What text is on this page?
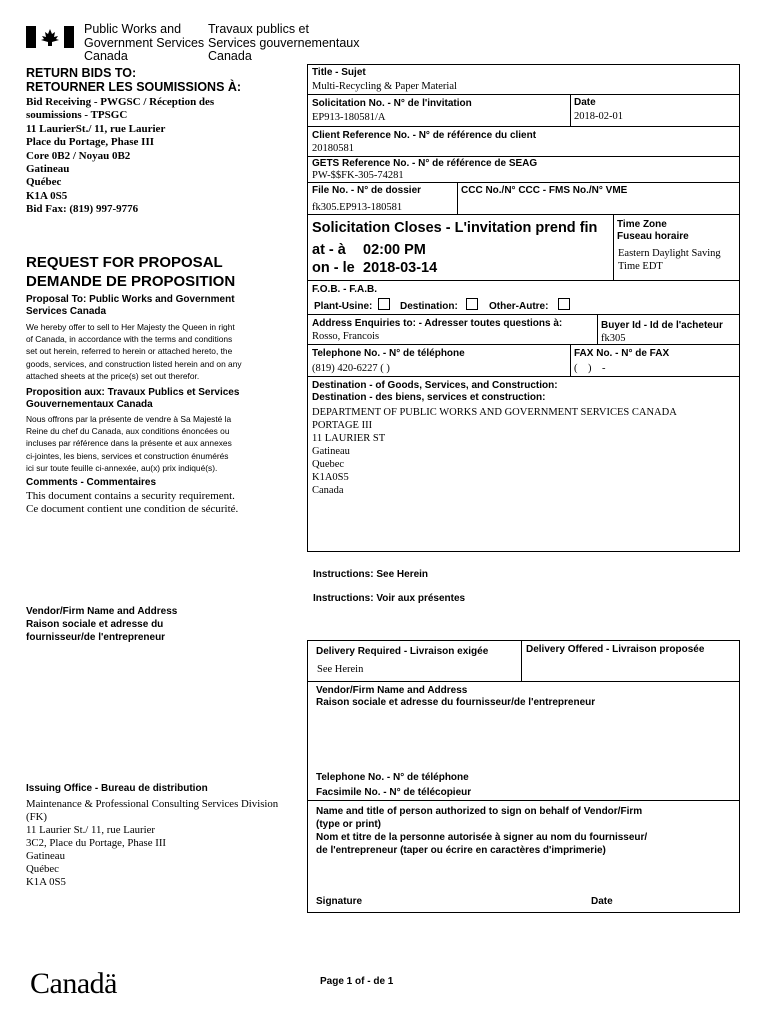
Public Works and
Government Services
Canada
Travaux publics et
Services gouvernementaux
Canada
RETURN BIDS TO:
RETOURNER LES SOUMISSIONS À:
Bid Receiving - PWGSC / Réception des
soumissions - TPSGC
11 LaurierSt./ 11, rue Laurier
Place du Portage, Phase III
Core 0B2 / Noyau 0B2
Gatineau
Québec
K1A 0S5
Bid Fax: (819) 997-9776
REQUEST FOR PROPOSAL
DEMANDE DE PROPOSITION
Proposal To: Public Works and Government
Services Canada
We hereby offer to sell to Her Majesty the Queen in right
of Canada, in accordance with the terms and conditions
set out herein, referred to herein or attached hereto, the
goods, services, and construction listed herein and on any
attached sheets at the price(s) set out therefor.
Proposition aux: Travaux Publics et Services
Gouvernementaux Canada
Nous offrons par la présente de vendre à Sa Majesté la
Reine du chef du Canada, aux conditions énoncées ou
incluses par référence dans la présente et aux annexes
ci-jointes, les biens, services et construction énumérés
ici sur toute feuille ci-annexée, au(x) prix indiqué(s).
Comments - Commentaires
This document contains a security requirement.
Ce document contient une condition de sécurité.
Vendor/Firm Name and Address
Raison sociale et adresse du
fournisseur/de l'entrepreneur
Issuing Office - Bureau de distribution
Maintenance & Professional Consulting Services Division
(FK)
11 Laurier St./ 11, rue Laurier
3C2, Place du Portage, Phase III
Gatineau
Québec
K1A 0S5
Title - Sujet
Multi-Recycling & Paper Material
Solicitation No. - N° de l'invitation
EP913-180581/A
Date
2018-02-01
Client Reference No. - N° de référence du client
20180581
GETS Reference No. - N° de référence de SEAG
PW-$$FK-305-74281
File No. - N° de dossier
fk305.EP913-180581
CCC No./N° CCC - FMS No./N° VME
Solicitation Closes - L'invitation prend fin
at - à 02:00 PM
on - le 2018-03-14
Time Zone
Fuseau horaire
Eastern Daylight Saving
Time EDT
F.O.B. - F.A.B.
Plant-Usine:	Destination:	Other-Autre:
Address Enquiries to: - Adresser toutes questions à:
Rosso, Francois
Buyer Id - Id de l'acheteur
fk305
Telephone No. - N° de téléphone
(819) 420-6227 ( )
FAX No. - N° de FAX
(    )    -
Destination - of Goods, Services, and Construction:
Destination - des biens, services et construction:
DEPARTMENT OF PUBLIC WORKS AND GOVERNMENT SERVICES CANADA
PORTAGE III
11 LAURIER ST
Gatineau
Quebec
K1A0S5
Canada
Instructions: See Herein
Instructions: Voir aux présentes
Delivery Required - Livraison exigée
See Herein
Delivery Offered - Livraison proposée
Vendor/Firm Name and Address
Raison sociale et adresse du fournisseur/de l'entrepreneur
Telephone No. - N° de téléphone
Facsimile No. - N° de télécopieur
Name and title of person authorized to sign on behalf of Vendor/Firm
(type or print)
Nom et titre de la personne autorisée à signer au nom du fournisseur/
de l'entrepreneur (taper ou écrire en caractères d'imprimerie)
Signature	Date
Canadä	Page 1 of - de 1
